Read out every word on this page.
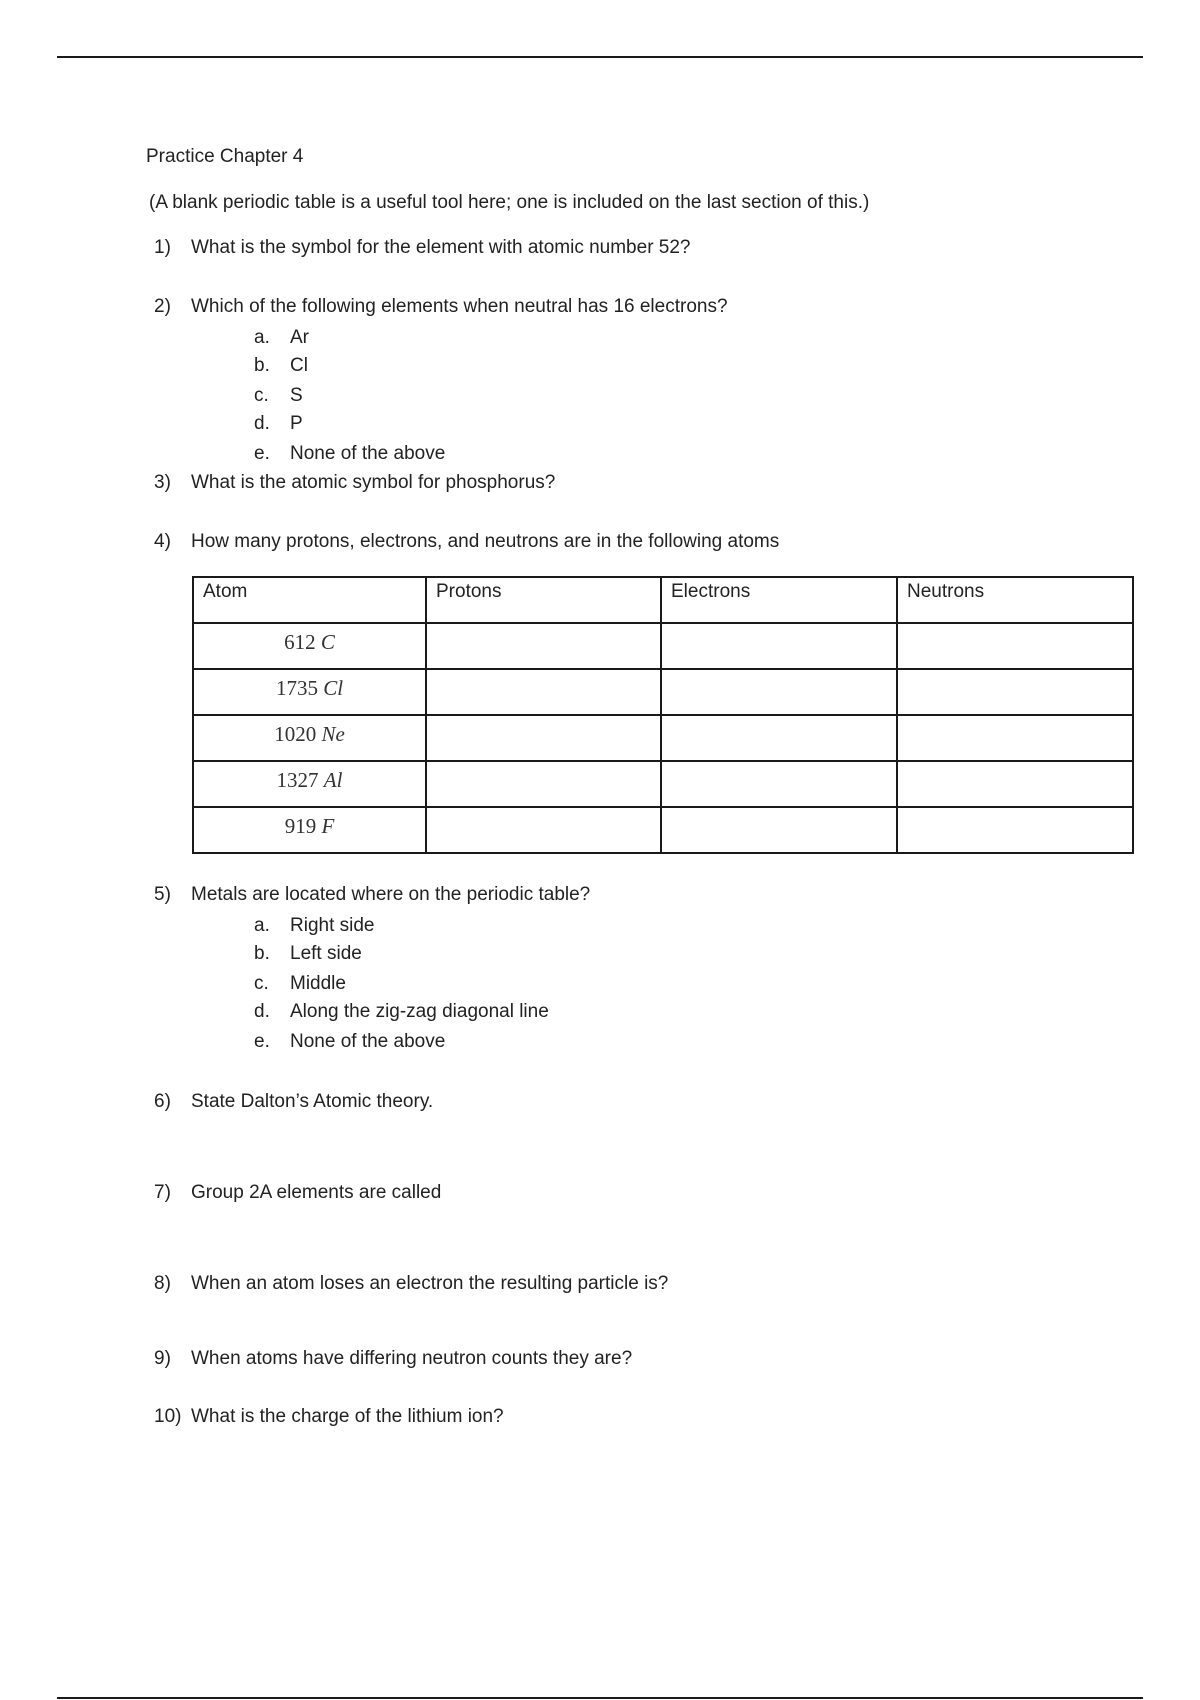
Practice Chapter 4
(A blank periodic table is a useful tool here; one is included on the last section of this.)
1) What is the symbol for the element with atomic number 52?
2) Which of the following elements when neutral has 16 electrons?
a. Ar
b. Cl
c. S
d. P
e. None of the above
3) What is the atomic symbol for phosphorus?
4) How many protons, electrons, and neutrons are in the following atoms
Atom	Protons	Electrons	Neutrons
612 C			
1735 Cl			
1020 Ne			
1327 Al			
919 F			
5) Metals are located where on the periodic table?
a. Right side
b. Left side
c. Middle
d. Along the zig-zag diagonal line
e. None of the above
6) State Dalton’s Atomic theory.
7) Group 2A elements are called
8) When an atom loses an electron the resulting particle is?
9) When atoms have differing neutron counts they are?
10) What is the charge of the lithium ion?
